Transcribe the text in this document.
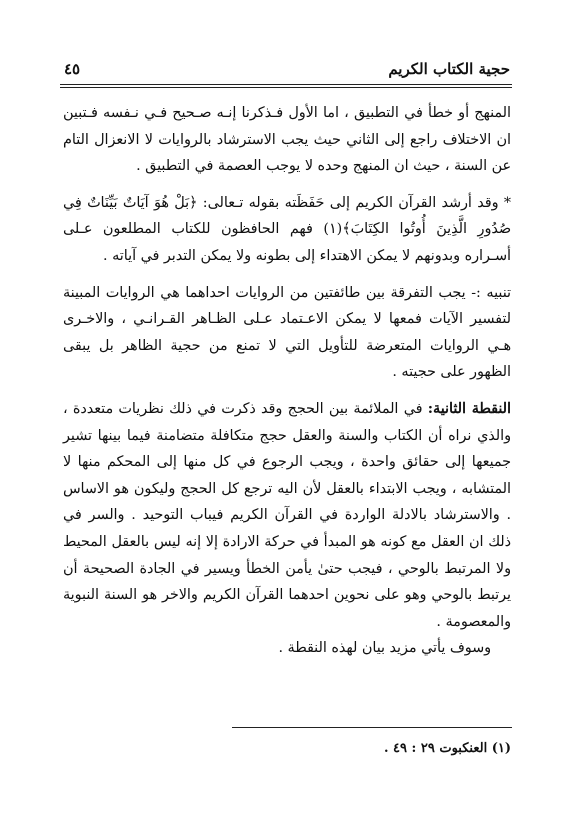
حجية الكتاب الكريم
٤٥

المنهج أو خطأ في التطبيق ، اما الأول فـذكرنا إنـه صـحيح فـي نـفسه فـتبين ان الاختلاف راجع إلى الثاني حيث يجب الاسترشاد بالروايات لا الانعزال التام عن السنة ، حيث ان المنهج وحده لا يوجب العصمة في التطبيق .

* وقد أرشد القرآن الكريم إلى حَفَظَته بقوله تـعالى: ﴿بَلْ هُوَ آيَاتٌ بَيِّنَاتٌ فِي صُدُورِ الَّذِينَ أُوتُوا الكِتَابَ﴾(١) فهم الحافظون للكتاب المطلعون عـلى أسـراره وبدونهم لا يمكن الاهتداء إلى بطونه ولا يمكن التدبر في آياته .

تنبيه :- يجب التفرقة بين طائفتين من الروايات احداهما هي الروايات المبينة لتفسير الآيات فمعها لا يمكن الاعـتماد عـلى الظـاهر القـرانـي ، والاخـرى هـي الروايات المتعرضة للتأويل التي لا تمنع من حجية الظاهر بل يبقى الظهور على حجيته .

النقطة الثانية: في الملائمة بين الحجج وقد ذكرت في ذلك نظريات متعددة ، والذي نراه أن الكتاب والسنة والعقل حجج متكافلة متضامنة فيما بينها تشير جميعها إلى حقائق واحدة ، ويجب الرجوع في كل منها إلى المحكم منها لا المتشابه ، ويجب الابتداء بالعقل لأن اليه ترجع كل الحجج وليكون هو الاساس . والاسترشاد بالادلة الواردة في القرآن الكريم فيباب التوحيد . والسر في ذلك ان العقل مع كونه هو المبدأ في حركة الارادة إلا إنه ليس بالعقل المحيط ولا المرتبط بالوحي ، فيجب حتىٰ يأمن الخطأ ويسير في الجادة الصحيحة أن يرتبط بالوحي وهو على نحوين احدهما القرآن الكريم والاخر هو السنة النبوية والمعصومة .

وسوف يأتي مزيد بيان لهذه النقطة .

(١) العنكبوت ٢٩ : ٤٩ .
